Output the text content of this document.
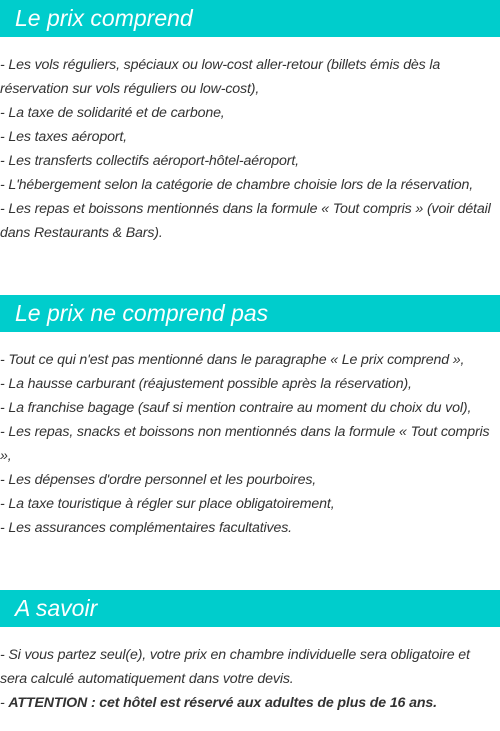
Le prix comprend
- Les vols réguliers, spéciaux ou low-cost aller-retour (billets émis dès la réservation sur vols réguliers ou low-cost),
- La taxe de solidarité et de carbone,
- Les taxes aéroport,
- Les transferts collectifs aéroport-hôtel-aéroport,
- L'hébergement selon la catégorie de chambre choisie lors de la réservation,
- Les repas et boissons mentionnés dans la formule « Tout compris » (voir détail dans Restaurants & Bars).
Le prix ne comprend pas
- Tout ce qui n'est pas mentionné dans le paragraphe « Le prix comprend »,
- La hausse carburant (réajustement possible après la réservation),
- La franchise bagage (sauf si mention contraire au moment du choix du vol),
- Les repas, snacks et boissons non mentionnés dans la formule « Tout compris »,
- Les dépenses d'ordre personnel et les pourboires,
- La taxe touristique à régler sur place obligatoirement,
- Les assurances complémentaires facultatives.
A savoir
- Si vous partez seul(e), votre prix en chambre individuelle sera obligatoire et sera calculé automatiquement dans votre devis.
- ATTENTION : cet hôtel est réservé aux adultes de plus de 16 ans.
